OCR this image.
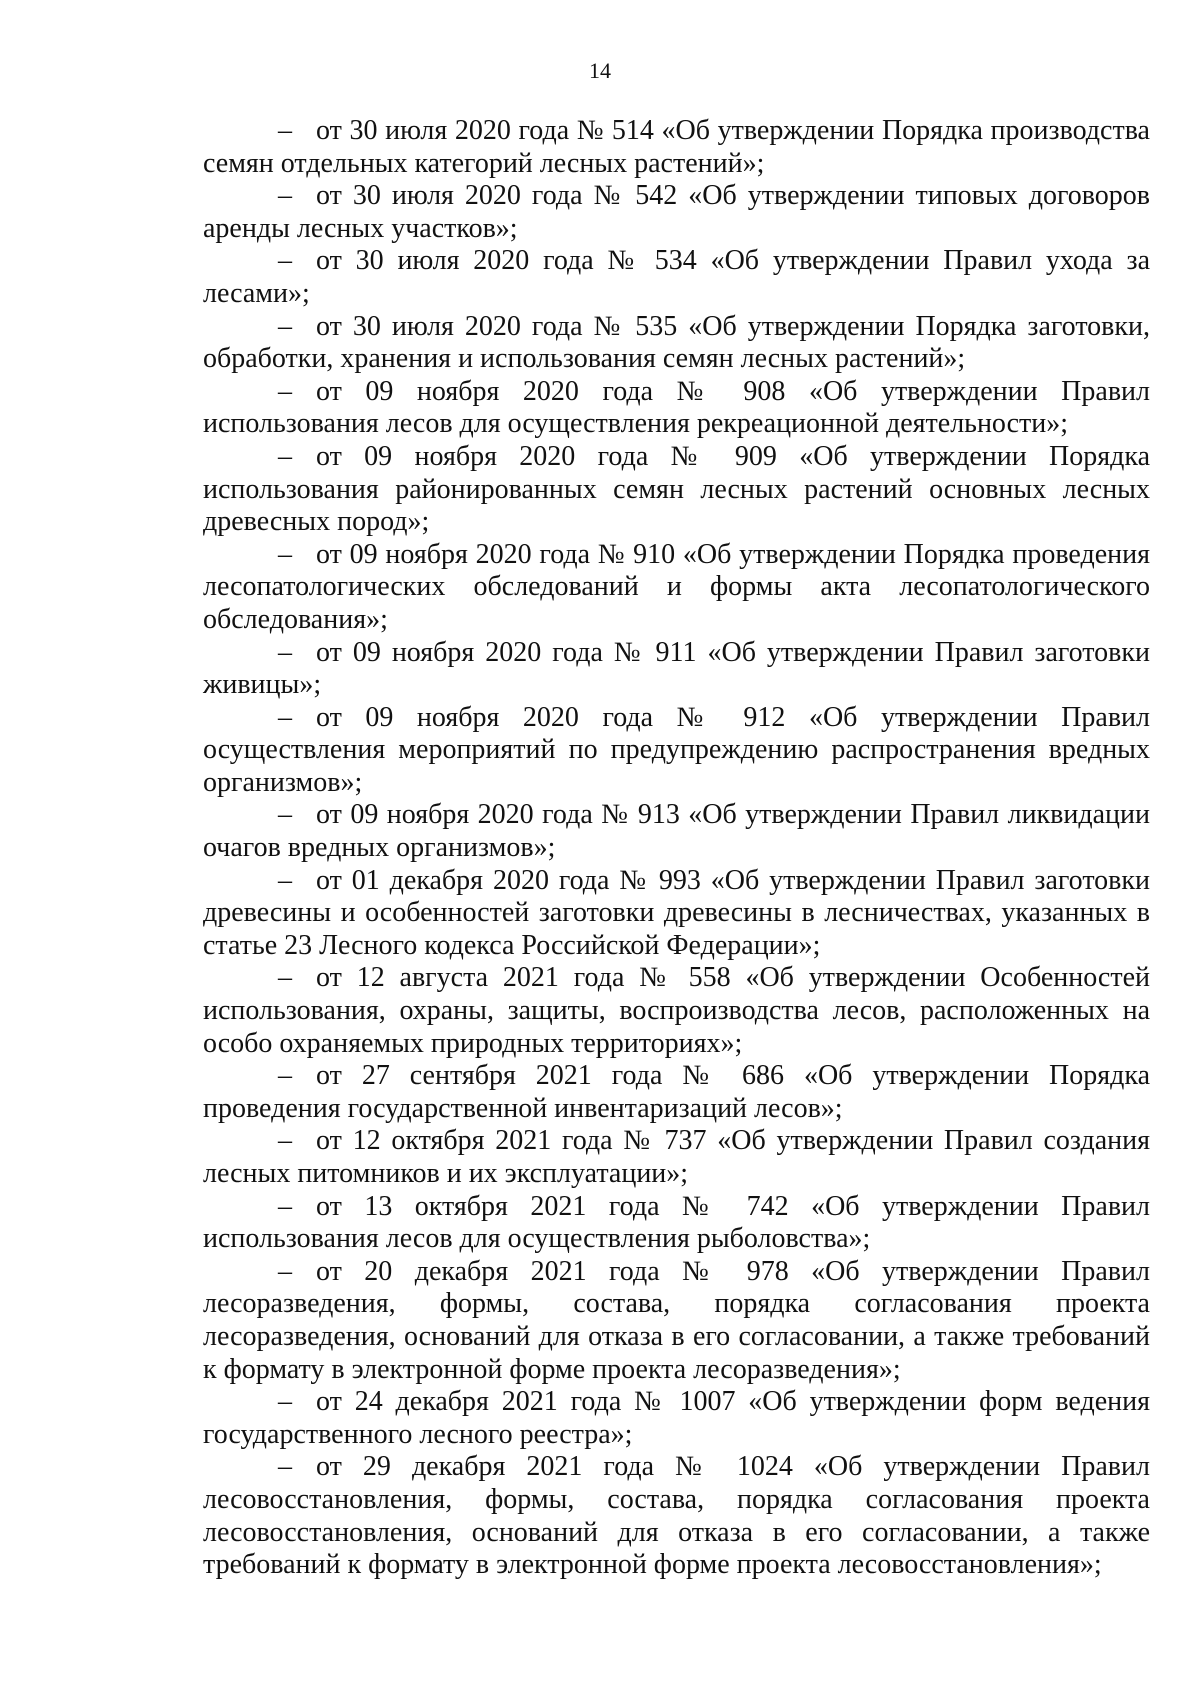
14

– от 30 июля 2020 года № 514 «Об утверждении Порядка производства семян отдельных категорий лесных растений»;

– от 30 июля 2020 года № 542 «Об утверждении типовых договоров аренды лесных участков»;

– от 30 июля 2020 года № 534 «Об утверждении Правил ухода за лесами»;

– от 30 июля 2020 года № 535 «Об утверждении Порядка заготовки, обработки, хранения и использования семян лесных растений»;

– от 09 ноября 2020 года № 908 «Об утверждении Правил использования лесов для осуществления рекреационной деятельности»;

– от 09 ноября 2020 года № 909 «Об утверждении Порядка использования районированных семян лесных растений основных лесных древесных пород»;

– от 09 ноября 2020 года № 910 «Об утверждении Порядка проведения лесопатологических обследований и формы акта лесопатологического обследования»;

– от 09 ноября 2020 года № 911 «Об утверждении Правил заготовки живицы»;

– от 09 ноября 2020 года № 912 «Об утверждении Правил осуществления мероприятий по предупреждению распространения вредных организмов»;

– от 09 ноября 2020 года № 913 «Об утверждении Правил ликвидации очагов вредных организмов»;

– от 01 декабря 2020 года № 993 «Об утверждении Правил заготовки древесины и особенностей заготовки древесины в лесничествах, указанных в статье 23 Лесного кодекса Российской Федерации»;

– от 12 августа 2021 года № 558 «Об утверждении Особенностей использования, охраны, защиты, воспроизводства лесов, расположенных на особо охраняемых природных территориях»;

– от 27 сентября 2021 года № 686 «Об утверждении Порядка проведения государственной инвентаризаций лесов»;

– от 12 октября 2021 года № 737 «Об утверждении Правил создания лесных питомников и их эксплуатации»;

– от 13 октября 2021 года № 742 «Об утверждении Правил использования лесов для осуществления рыболовства»;

– от 20 декабря 2021 года № 978 «Об утверждении Правил лесоразведения, формы, состава, порядка согласования проекта лесоразведения, оснований для отказа в его согласовании, а также требований к формату в электронной форме проекта лесоразведения»;

– от 24 декабря 2021 года № 1007 «Об утверждении форм ведения государственного лесного реестра»;

– от 29 декабря 2021 года № 1024 «Об утверждении Правил лесовосстановления, формы, состава, порядка согласования проекта лесовосстановления, оснований для отказа в его согласовании, а также требований к формату в электронной форме проекта лесовосстановления»;
